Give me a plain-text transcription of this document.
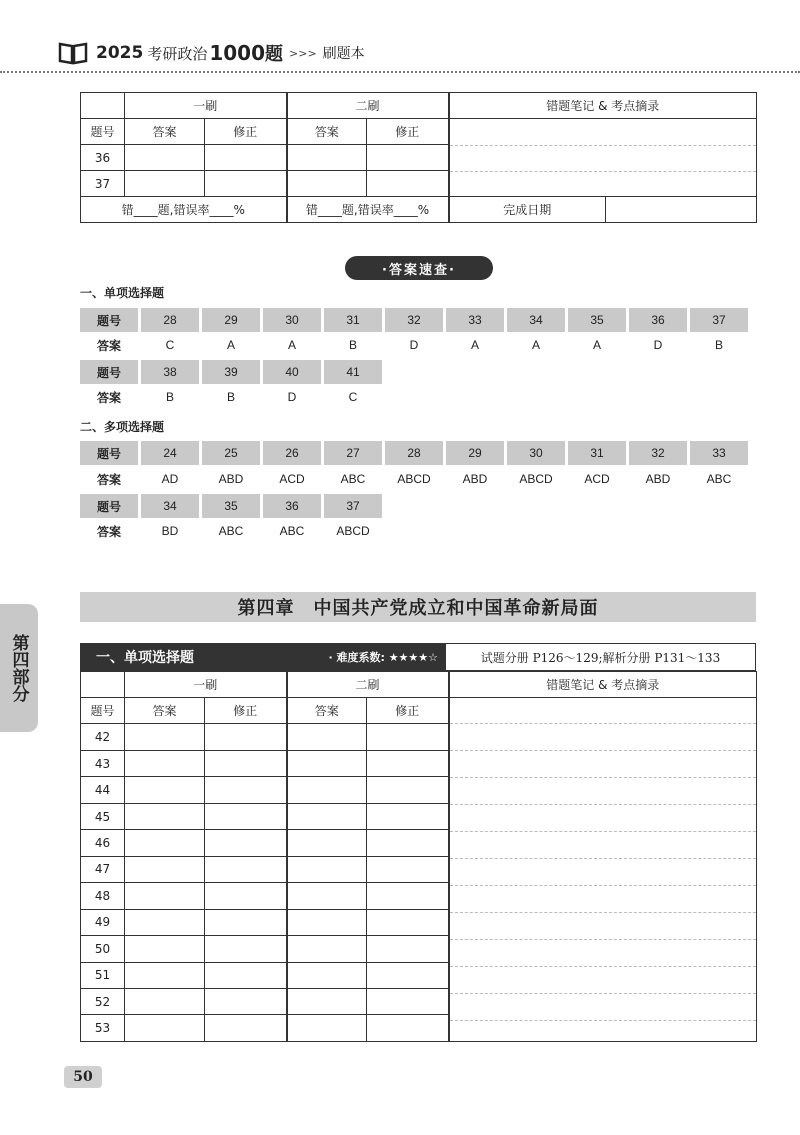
2025 考研政治 1000 题 >>> 刷题本
	一刷		二刷		错题笔记 & 考点摘录	
题号	答案	修正	答案	修正		

36						
37						
错____题,错误率____%			错____题,错误率____%		完成日期	
·答案速查·
一、单项选择题
题号	28	29	30	31	32	33	34	35	36	37
答案	C	A	A	B	D	A	A	A	D	B
题号	38	39	40	41
答案	B	B	D	C
二、多项选择题
题号	24	25	26	27	28	29	30	31	32	33
答案	AD	ABD	ACD	ABC	ABCD	ABD	ABCD	ACD	ABD	ABC
题号	34	35	36	37
答案	BD	ABC	ABC	ABCD
第四章　中国共产党成立和中国革命新局面
第四部分	一、单项选择题	· 难度系数: ★★★★☆	试题分册 P126～129;解析分册 P131～133
	一刷		二刷		错题笔记 & 考点摘录
题号	答案	修正	答案	修正	

42					
43					
44					
45					
46					
47					
48					
49					
50					
51					
52					
53					
50
